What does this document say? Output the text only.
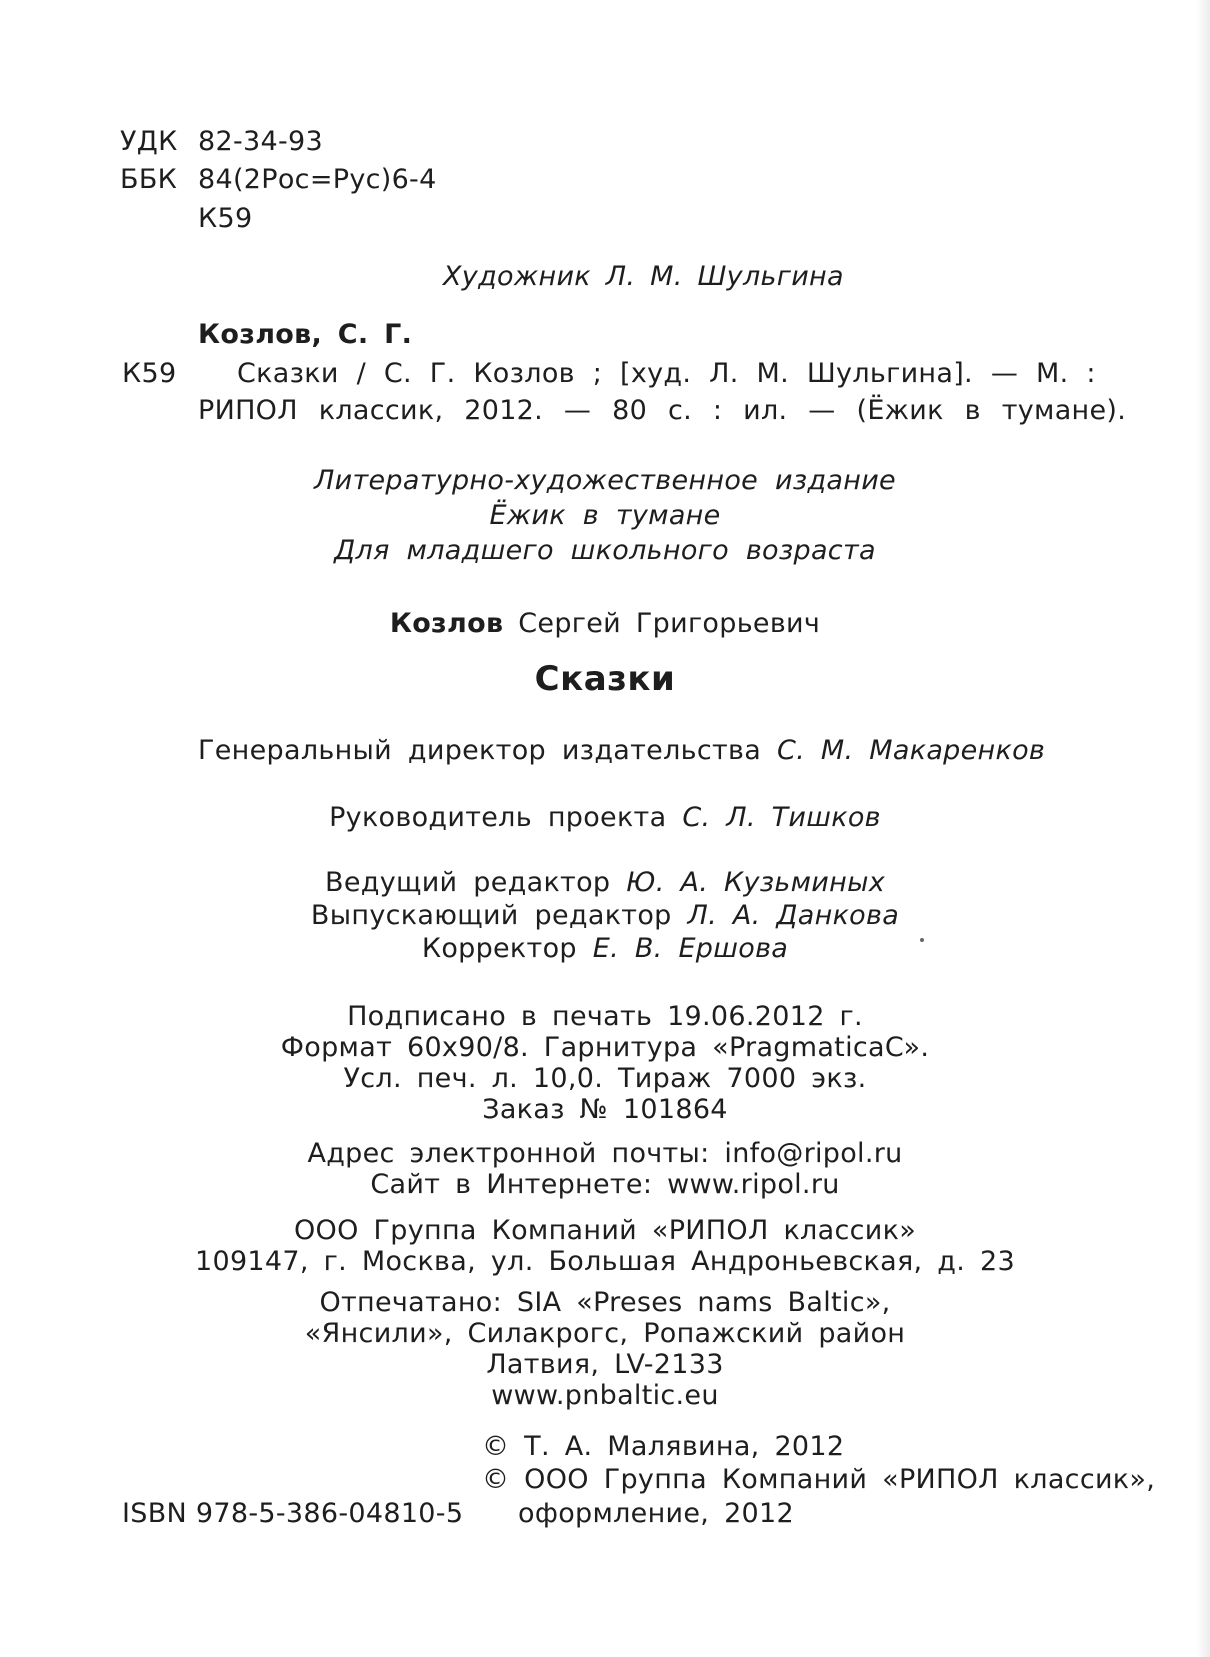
УДК 82-34-93
ББК 84(2Рос=Рус)6-4
К59
Художник Л. М. Шульгина
Козлов, С. Г.
К59 Сказки / С. Г. Козлов ; [худ. Л. М. Шульгина]. — М. :
РИПОЛ классик, 2012. — 80 с. : ил. — (Ёжик в тумане).
Литературно-художественное издание
Ёжик в тумане
Для младшего школьного возраста
Козлов Сергей Григорьевич
Сказки
Генеральный директор издательства С. М. Макаренков
Руководитель проекта С. Л. Тишков
Ведущий редактор Ю. А. Кузьминых
Выпускающий редактор Л. А. Данкова
Корректор Е. В. Ершова
Подписано в печать 19.06.2012 г.
Формат 60х90/8. Гарнитура «PragmaticaC».
Усл. печ. л. 10,0. Тираж 7000 экз.
Заказ № 101864
Адрес электронной почты: info@ripol.ru
Сайт в Интернете: www.ripol.ru
ООО Группа Компаний «РИПОЛ классик»
109147, г. Москва, ул. Большая Андроньевская, д. 23
Отпечатано: SIA «Preses nams Baltic»,
«Янсили», Силакрогс, Ропажский район
Латвия, LV-2133
www.pnbaltic.eu
© Т. А. Малявина, 2012
© ООО Группа Компаний «РИПОЛ классик»,
оформление, 2012
ISBN 978-5-386-04810-5
